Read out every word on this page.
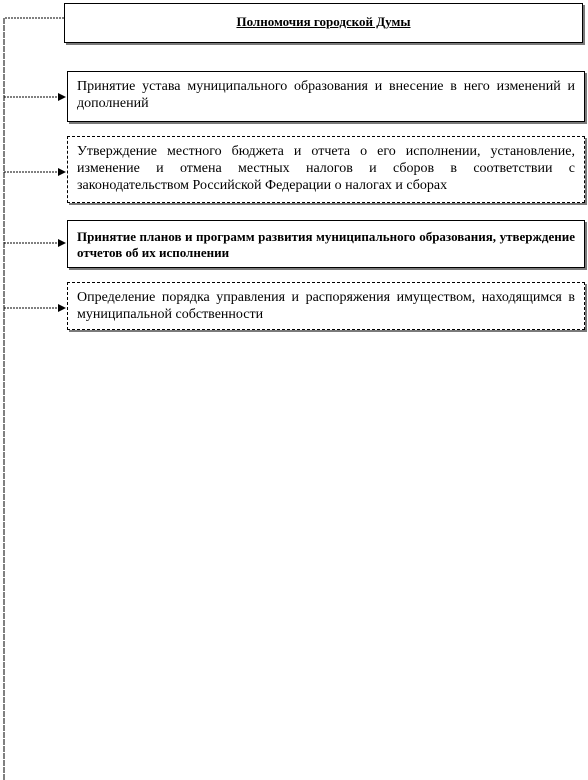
Полномочия городской Думы
Принятие устава муниципального образования и внесение в него изменений и дополнений
Утверждение местного бюджета и отчета о его исполнении, установление, изменение и отмена местных налогов и сборов в соответствии с законодательством Российской Федерации о налогах и сборах
Принятие планов и программ развития муниципального образования, утверждение отчетов об их исполнении
Определение порядка управления и распоряжения имуществом, находящимся в муниципальной собственности
